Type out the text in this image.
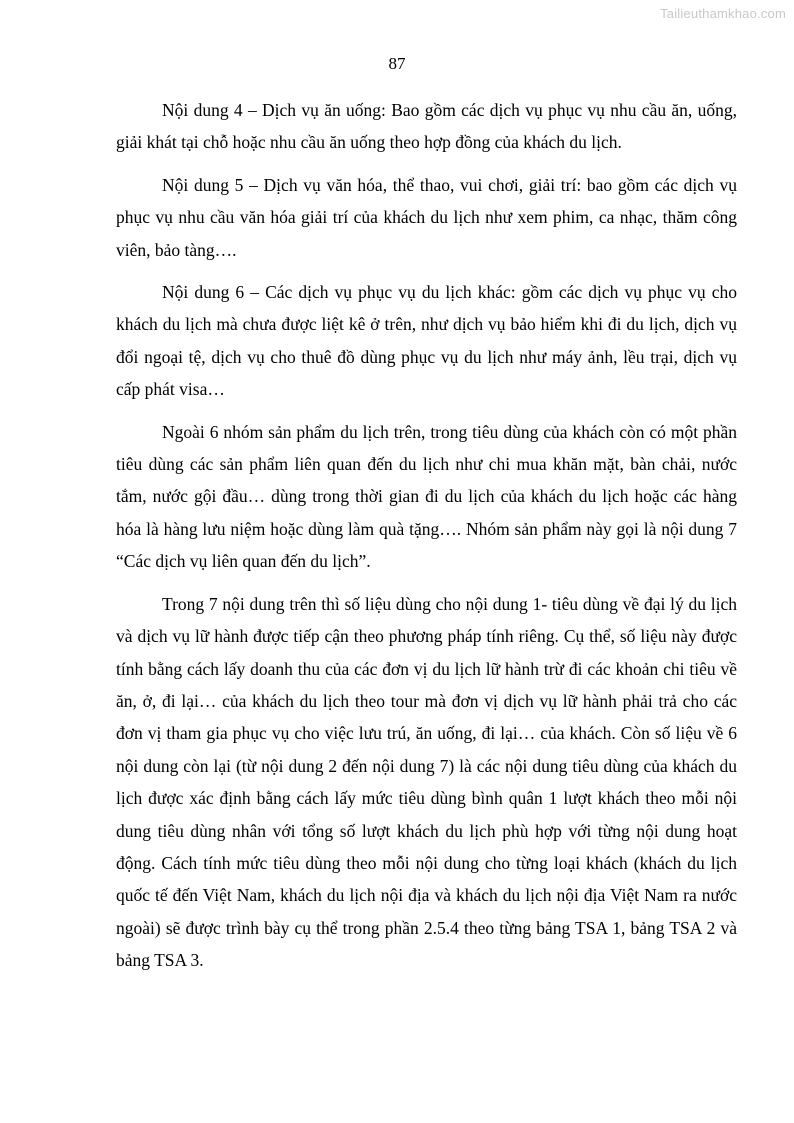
Tailieuthamkhao.com
87

Nội dung 4 – Dịch vụ ăn uống: Bao gồm các dịch vụ phục vụ nhu cầu ăn, uống, giải khát tại chỗ hoặc nhu cầu ăn uống theo hợp đồng của khách du lịch.

Nội dung 5 – Dịch vụ văn hóa, thể thao, vui chơi, giải trí: bao gồm các dịch vụ phục vụ nhu cầu văn hóa giải trí của khách du lịch như xem phim, ca nhạc, thăm công viên, bảo tàng….

Nội dung 6 – Các dịch vụ phục vụ du lịch khác: gồm các dịch vụ phục vụ cho khách du lịch mà chưa được liệt kê ở trên, như dịch vụ bảo hiểm khi đi du lịch, dịch vụ đổi ngoại tệ, dịch vụ cho thuê đồ dùng phục vụ du lịch như máy ảnh, lều trại, dịch vụ cấp phát visa…

Ngoài 6 nhóm sản phẩm du lịch trên, trong tiêu dùng của khách còn có một phần tiêu dùng các sản phẩm liên quan đến du lịch như chi mua khăn mặt, bàn chải, nước tắm, nước gội đầu… dùng trong thời gian đi du lịch của khách du lịch hoặc các hàng hóa là hàng lưu niệm hoặc dùng làm quà tặng…. Nhóm sản phẩm này gọi là nội dung 7 “Các dịch vụ liên quan đến du lịch”.

Trong 7 nội dung trên thì số liệu dùng cho nội dung 1- tiêu dùng về đại lý du lịch và dịch vụ lữ hành được tiếp cận theo phương pháp tính riêng. Cụ thể, số liệu này được tính bằng cách lấy doanh thu của các đơn vị du lịch lữ hành trừ đi các khoản chi tiêu về ăn, ở, đi lại… của khách du lịch theo tour mà đơn vị dịch vụ lữ hành phải trả cho các đơn vị tham gia phục vụ cho việc lưu trú, ăn uống, đi lại… của khách. Còn số liệu về 6 nội dung còn lại (từ nội dung 2 đến nội dung 7) là các nội dung tiêu dùng của khách du lịch được xác định bằng cách lấy mức tiêu dùng bình quân 1 lượt khách theo mỗi nội dung tiêu dùng nhân với tổng số lượt khách du lịch phù hợp với từng nội dung hoạt động. Cách tính mức tiêu dùng theo mỗi nội dung cho từng loại khách (khách du lịch quốc tế đến Việt Nam, khách du lịch nội địa và khách du lịch nội địa Việt Nam ra nước ngoài) sẽ được trình bày cụ thể trong phần 2.5.4 theo từng bảng TSA 1, bảng TSA 2 và bảng TSA 3.
